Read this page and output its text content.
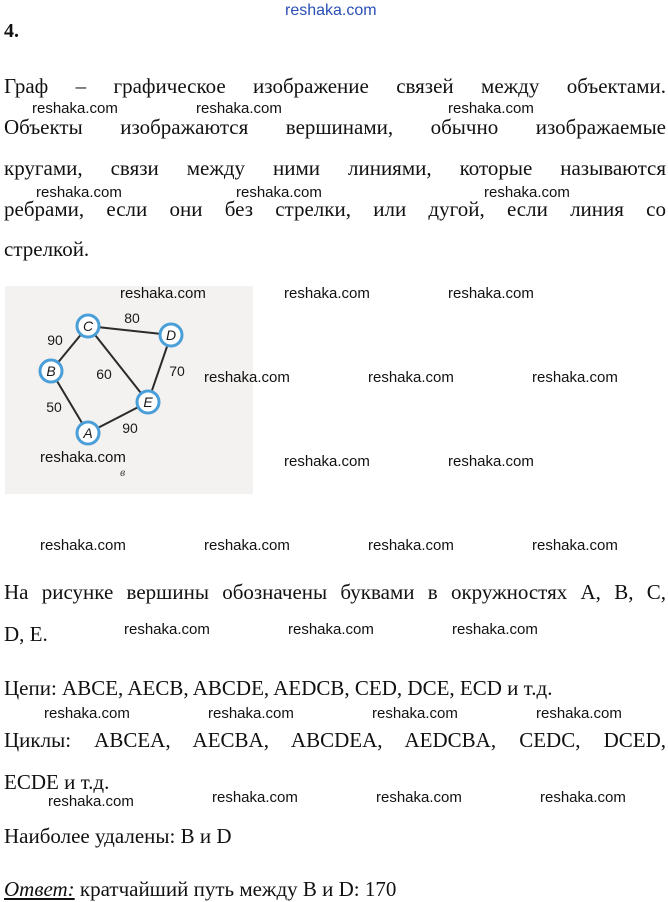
reshaka.com
4.
Граф – графическое изображение связей между объектами.
Объекты изображаются вершинами, обычно изображаемые
кругами, связи между ними линиями, которые называются
ребрами, если они без стрелки, или дугой, если линия со
стрелкой.
C
D
B
E
A
80
90
60	70
50
90
в
На рисунке вершины обозначены буквами в окружностях A, B, C,
D, E.
Цепи: ABCE, AECB, ABCDE, AEDCB, CED, DCE, ECD и т.д.
Циклы: ABCEA, AECBA, ABCDEA, AEDCBA, CEDC, DCED,
ECDE и т.д.
Наиболее удалены: B и D
Ответ: кратчайший путь между B и D: 170
reshaka.com	reshaka.com	reshaka.com
reshaka.com	reshaka.com	reshaka.com
reshaka.com	reshaka.com	reshaka.com
reshaka.com	reshaka.com	reshaka.com
reshaka.com	reshaka.com	reshaka.com
reshaka.com	reshaka.com	reshaka.com	reshaka.com
reshaka.com	reshaka.com	reshaka.com
reshaka.com	reshaka.com	reshaka.com	reshaka.com
reshaka.com	reshaka.com	reshaka.com	reshaka.com
